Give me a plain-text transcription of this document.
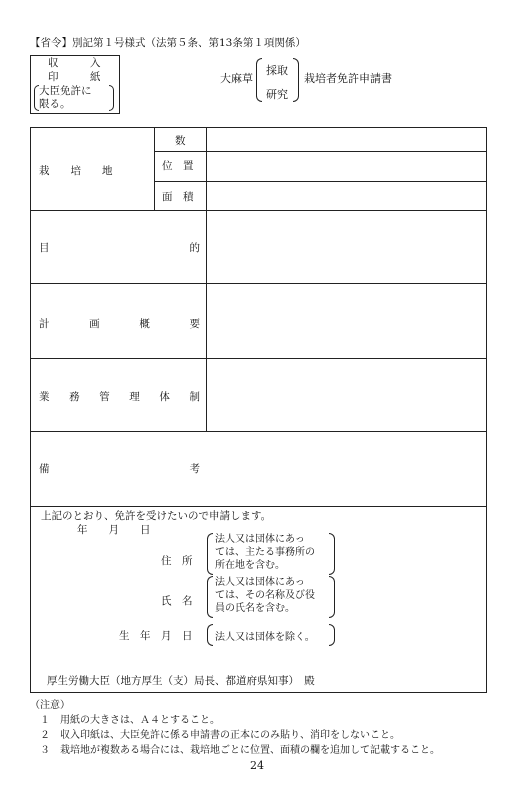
【省令】別記第１号様式（法第５条、第13条第１項関係）
収　　　入
印　　　紙
大臣免許に
限る。
大麻草
採取
研究
栽培者免許申請書
栽　　培　　地
数
位　置
面　積
目	的
計	画	概	要
業 務 管 理 体 制
備	考
上記のとおり、免許を受けたいので申請します。
年　　月　　日
住　所
法人又は団体にあっ
ては、主たる事務所の
所在地を含む。
氏　名
法人又は団体にあっ
ては、その名称及び役
員の氏名を含む。
生　年　月　日 法人又は団体を除く。
厚生労働大臣（地方厚生（支）局長、都道府県知事）　殿
（注意）
１　用紙の大きさは、Ａ４とすること。
２　収入印紙は、大臣免許に係る申請書の正本にのみ貼り、消印をしないこと。
３　栽培地が複数ある場合には、栽培地ごとに位置、面積の欄を追加して記載すること。
24
